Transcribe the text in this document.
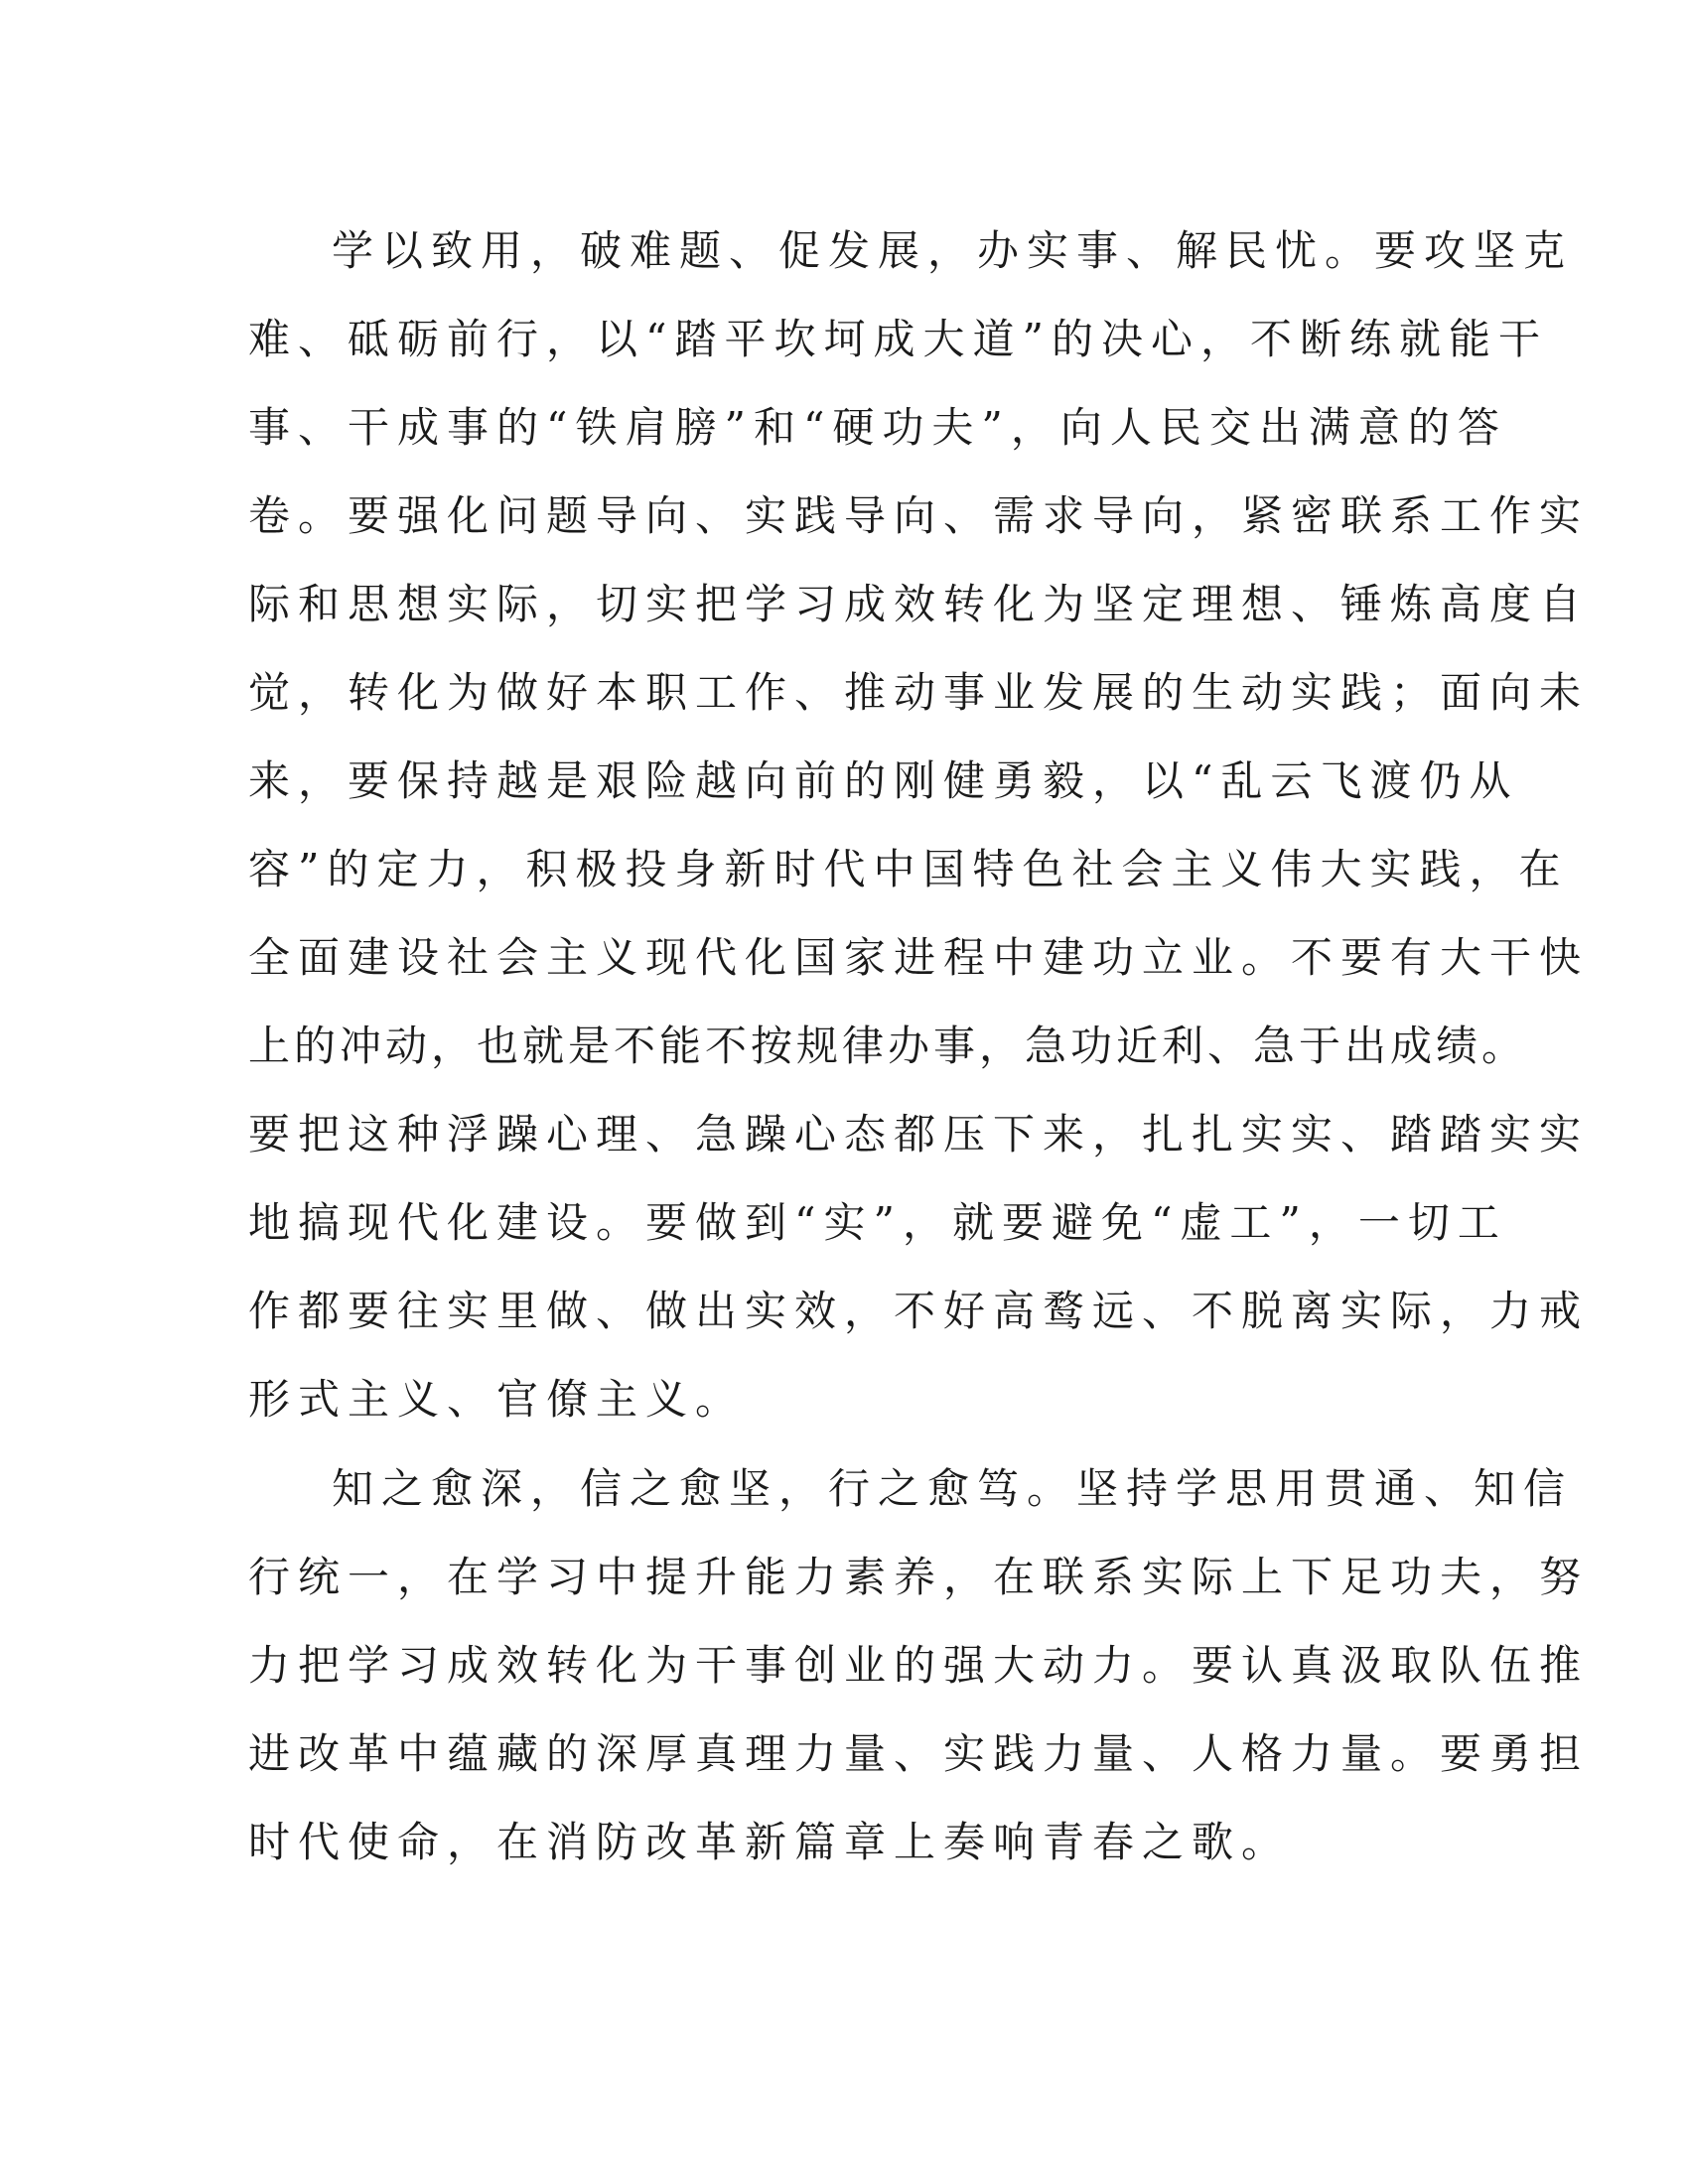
学以致用，破难题、促发展，办实事、解民忧。要攻坚克
难、砥砺前行，以“踏平坎坷成大道”的决心，不断练就能干
事、干成事的“铁肩膀”和“硬功夫”，向人民交出满意的答
卷。要强化问题导向、实践导向、需求导向，紧密联系工作实
际和思想实际，切实把学习成效转化为坚定理想、锤炼高度自
觉，转化为做好本职工作、推动事业发展的生动实践；面向未
来，要保持越是艰险越向前的刚健勇毅，以“乱云飞渡仍从
容”的定力，积极投身新时代中国特色社会主义伟大实践，在
全面建设社会主义现代化国家进程中建功立业。不要有大干快
上的冲动，也就是不能不按规律办事，急功近利、急于出成绩。
要把这种浮躁心理、急躁心态都压下来，扎扎实实、踏踏实实
地搞现代化建设。要做到“实”，就要避免“虚工”，一切工
作都要往实里做、做出实效，不好高鹜远、不脱离实际，力戒
形式主义、官僚主义。
知之愈深，信之愈坚，行之愈笃。坚持学思用贯通、知信
行统一，在学习中提升能力素养，在联系实际上下足功夫，努
力把学习成效转化为干事创业的强大动力。要认真汲取队伍推
进改革中蕴藏的深厚真理力量、实践力量、人格力量。要勇担
时代使命，在消防改革新篇章上奏响青春之歌。
